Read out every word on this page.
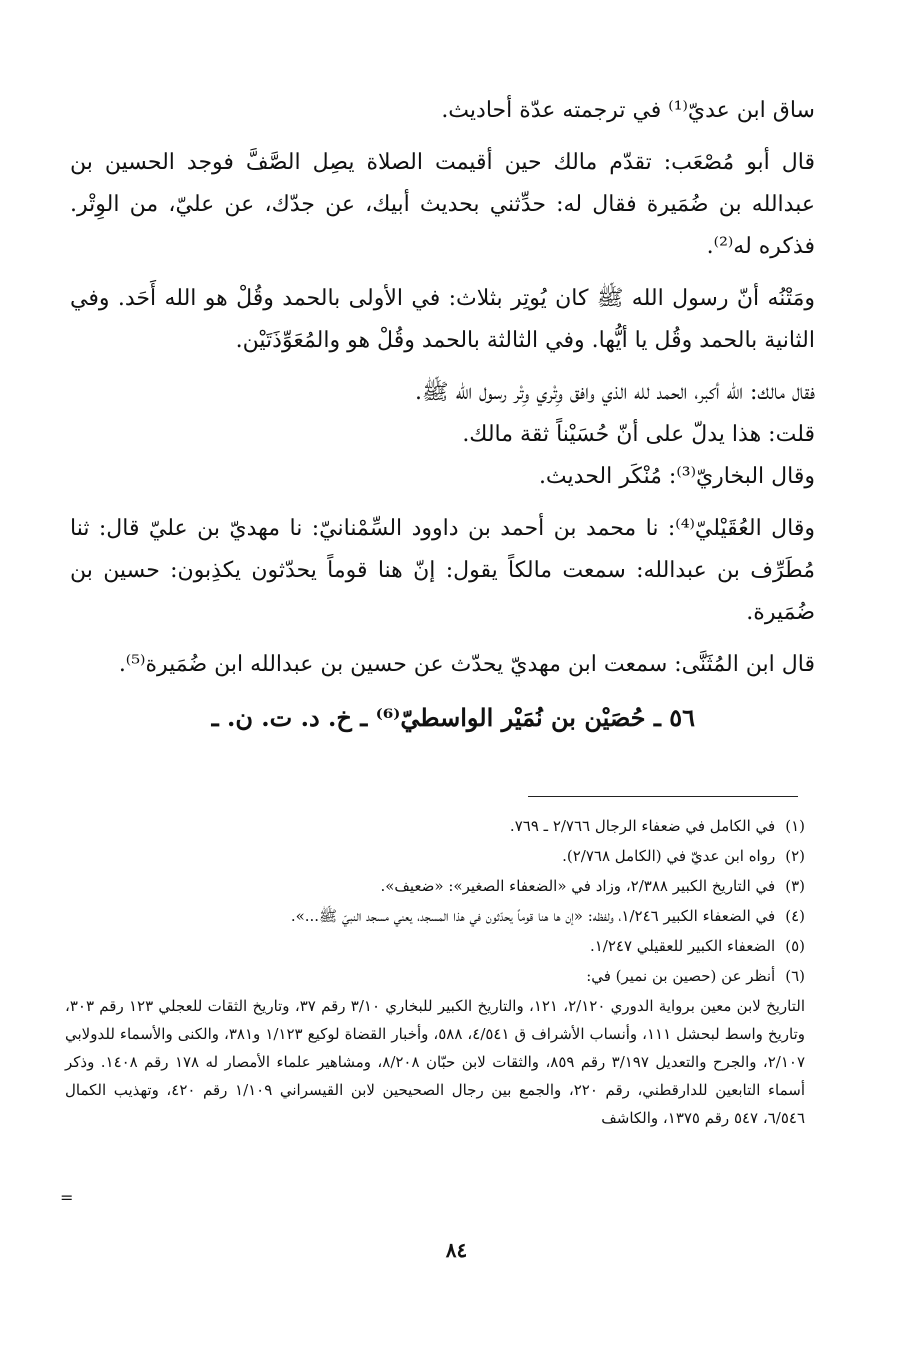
ساق ابن عديّ⁽¹⁾ في ترجمته عدّة أحاديث.

قال أبو مُصْعَب: تقدّم مالك حين أقيمت الصلاة يصِل الصَّفَّ فوجد الحسين بن عبدالله بن ضُمَيرة فقال له: حدِّثني بحديث أبيك، عن جدّك، عن عليّ، من الوِتْر. فذكره له⁽²⁾.

ومَتْنُه أنّ رسول الله ﷺ كان يُوتِر بثلاث: في الأولى بالحمد وقُلْ هو الله أَحَد. وفي الثانية بالحمد وقُل يا أيُّها. وفي الثالثة بالحمد وقُلْ هو والمُعَوِّذَتَيْن.

فقال مالك: الله أكبر، الحمد لله الذي وافق وِتْري وِتْر رسول الله ﷺ.

قلت: هذا يدلّ على أنّ حُسَيْناً ثقة مالك.

وقال البخاريّ⁽³⁾: مُنْكَر الحديث.

وقال العُقَيْليّ⁽⁴⁾: نا محمد بن أحمد بن داوود السِّمْنانيّ: نا مهديّ بن عليّ قال: ثنا مُطَرِّف بن عبدالله: سمعت مالكاً يقول: إنّ هنا قوماً يحدّثون يكذِبون: حسين بن ضُمَيرة.

قال ابن المُثَنَّى: سمعت ابن مهديّ يحدّث عن حسين بن عبدالله ابن ضُمَيرة⁽⁵⁾.

٥٦ ـ حُصَيْن بن نُمَيْر الواسطيّ⁽⁶⁾ ـ خ. د. ت. ن. ـ
(١)في الكامل في ضعفاء الرجال ٢/٧٦٦ ـ ٧٦٩.
(٢)رواه ابن عديّ في (الكامل ٢/٧٦٨).
(٣)في التاريخ الكبير ٢/٣٨٨، وزاد في «الضعفاء الصغير»: «ضعيف».
(٤)في الضعفاء الكبير ١/٢٤٦، ولفظه: «إن ها هنا قوماً يحدّثون في هذا المسجد، يعني مسجد النبيّ ﷺ...».
(٥)الضعفاء الكبير للعقيلي ١/٢٤٧.
(٦)أنظر عن (حصين بن نمير) في:

التاريخ لابن معين برواية الدوري ٢/١٢٠، ١٢١، والتاريخ الكبير للبخاري ٣/١٠ رقم ٣٧، وتاريخ الثقات للعجلي ١٢٣ رقم ٣٠٣، وتاريخ واسط لبحشل ١١١، وأنساب الأشراف ق ٤/٥٤١، ٥٨٨، وأخبار القضاة لوكيع ١/١٢٣ و٣٨١، والكنى والأسماء للدولابي ٢/١٠٧، والجرح والتعديل ٣/١٩٧ رقم ٨٥٩، والثقات لابن حبّان ٨/٢٠٨، ومشاهير علماء الأمصار له ١٧٨ رقم ١٤٠٨. وذكر أسماء التابعين للدارقطني، رقم ٢٢٠، والجمع بين رجال الصحيحين لابن القيسراني ١/١٠٩ رقم ٤٢٠، وتهذيب الكمال ٦/٥٤٦، ٥٤٧ رقم ١٣٧٥، والكاشف

=
٨٤
